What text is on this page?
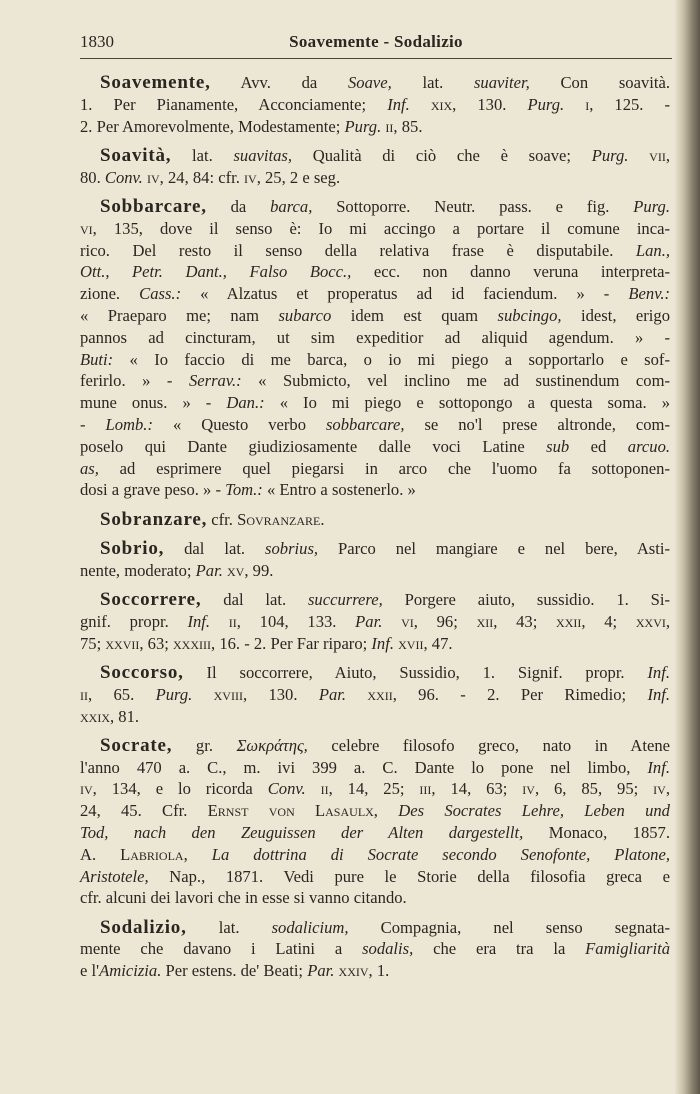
1830	Soavemente - Sodalizio
Soavemente, Avv. da Soave, lat. suaviter, Con soavità.
1. Per Pianamente, Acconciamente; Inf. xix, 130. Purg. i, 125. -
2. Per Amorevolmente, Modestamente; Purg. ii, 85.
Soavità, lat. suavitas, Qualità di ciò che è soave; Purg. vii,
80. Conv. iv, 24, 84: cfr. iv, 25, 2 e seg.
Sobbarcare, da barca, Sottoporre. Neutr. pass. e fig. Purg.
vi, 135, dove il senso è: Io mi accingo a portare il comune inca-
rico. Del resto il senso della relativa frase è disputabile. Lan.,
Ott., Petr. Dant., Falso Bocc., ecc. non danno veruna interpreta-
zione. Cass.: « Alzatus et properatus ad id faciendum. » - Benv.:
« Praeparo me; nam subarco idem est quam subcingo, idest, erigo
pannos ad cincturam, ut sim expeditior ad aliquid agendum. » -
Buti: « Io faccio di me barca, o io mi piego a sopportarlo e sof-
ferirlo. » - Serrav.: « Submicto, vel inclino me ad sustinendum com-
mune onus. » - Dan.: « Io mi piego e sottopongo a questa soma. »
- Lomb.: « Questo verbo sobbarcare, se no'l prese altronde, com-
poselo qui Dante giudiziosamente dalle voci Latine sub ed arcuo.
as, ad esprimere quel piegarsi in arco che l'uomo fa sottoponen-
dosi a grave peso. » - Tom.: « Entro a sostenerlo. »
Sobranzare, cfr. Sovranzare.
Sobrio, dal lat. sobrius, Parco nel mangiare e nel bere, Asti-
nente, moderato; Par. xv, 99.
Soccorrere, dal lat. succurrere, Porgere aiuto, sussidio. 1. Si-
gnif. propr. Inf. ii, 104, 133. Par. vi, 96; xii, 43; xxii, 4; xxvi,
75; xxvii, 63; xxxiii, 16. - 2. Per Far riparo; Inf. xvii, 47.
Soccorso, Il soccorrere, Aiuto, Sussidio, 1. Signif. propr. Inf.
ii, 65. Purg. xviii, 130. Par. xxii, 96. - 2. Per Rimedio; Inf.
xxix, 81.
Socrate, gr. Σωκράτης, celebre filosofo greco, nato in Atene
l'anno 470 a. C., m. ivi 399 a. C. Dante lo pone nel limbo, Inf.
iv, 134, e lo ricorda Conv. ii, 14, 25; iii, 14, 63; iv, 6, 85, 95; iv,
24, 45. Cfr. Ernst von Lasaulx, Des Socrates Lehre, Leben und
Tod, nach den Zeuguissen der Alten dargestellt, Monaco, 1857.
A. Labriola, La dottrina di Socrate secondo Senofonte, Platone,
Aristotele, Nap., 1871. Vedi pure le Storie della filosofia greca e
cfr. alcuni dei lavori che in esse si vanno citando.
Sodalizio, lat. sodalicium, Compagnia, nel senso segnata-
mente che davano i Latini a sodalis, che era tra la Famigliarità
e l'Amicizia. Per estens. de' Beati; Par. xxiv, 1.
